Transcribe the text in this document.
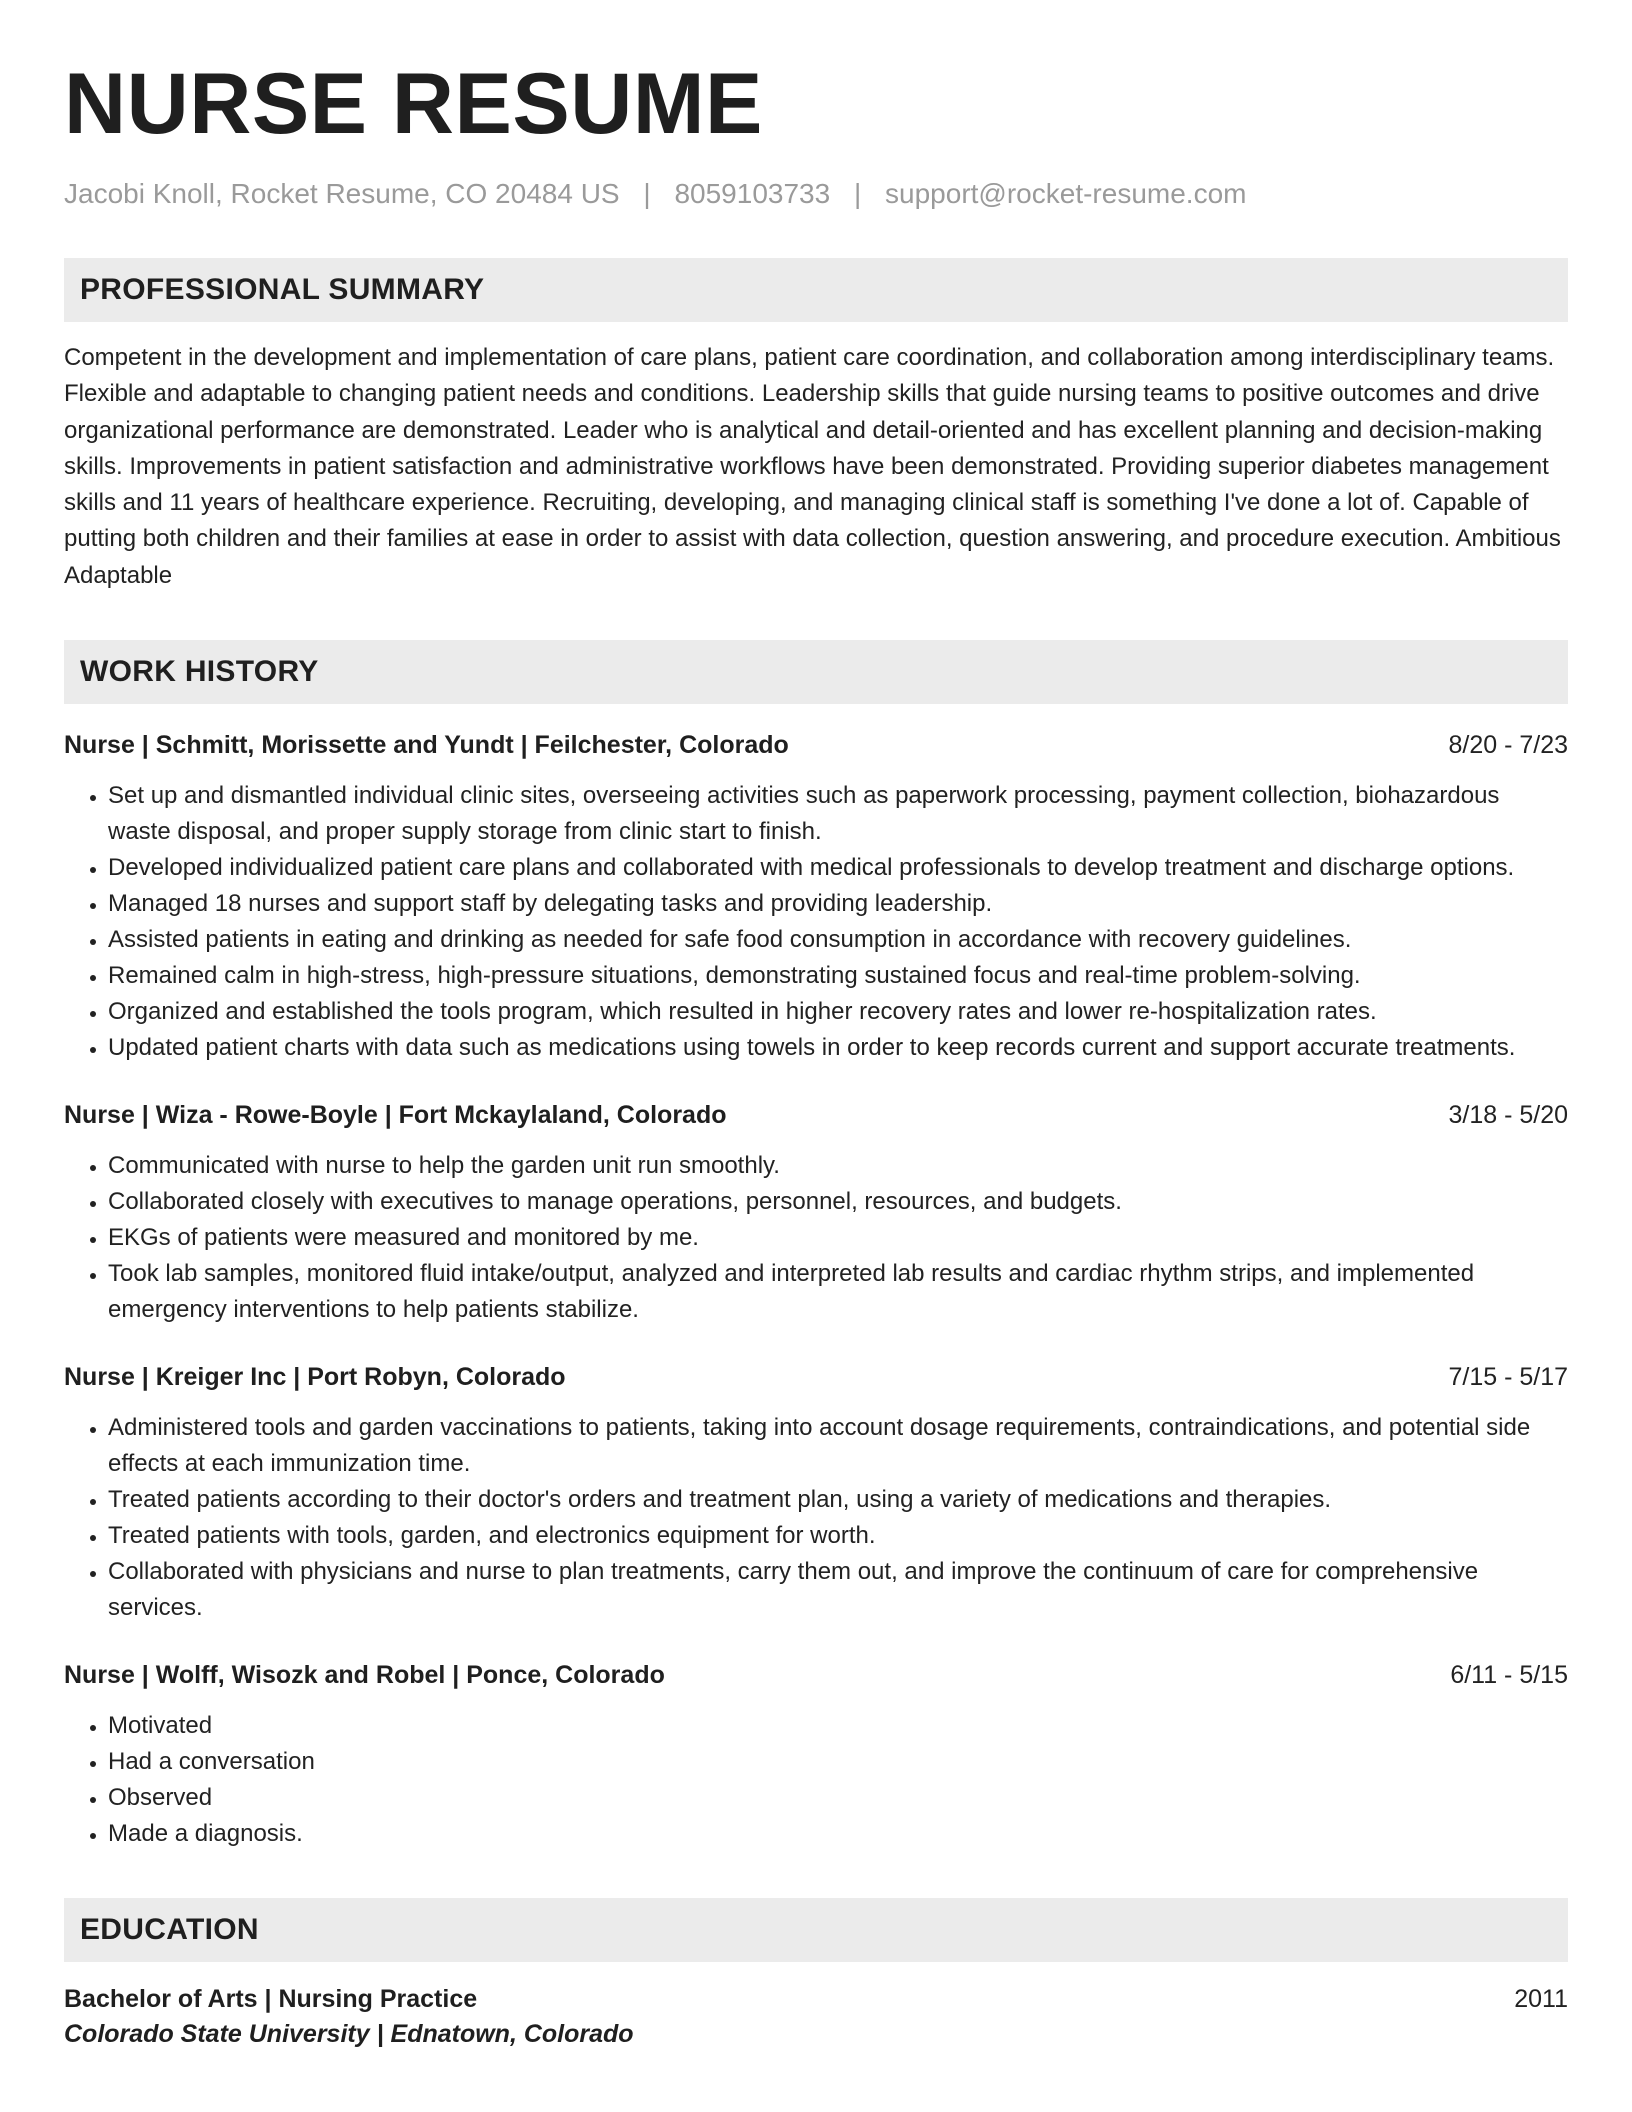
NURSE RESUME
Jacobi Knoll, Rocket Resume, CO 20484 US | 8059103733 | support@rocket-resume.com
PROFESSIONAL SUMMARY
Competent in the development and implementation of care plans, patient care coordination, and collaboration among interdisciplinary teams. Flexible and adaptable to changing patient needs and conditions. Leadership skills that guide nursing teams to positive outcomes and drive organizational performance are demonstrated. Leader who is analytical and detail-oriented and has excellent planning and decision-making skills. Improvements in patient satisfaction and administrative workflows have been demonstrated. Providing superior diabetes management skills and 11 years of healthcare experience. Recruiting, developing, and managing clinical staff is something I've done a lot of. Capable of putting both children and their families at ease in order to assist with data collection, question answering, and procedure execution. Ambitious Adaptable
WORK HISTORY
Nurse | Schmitt, Morissette and Yundt | Feilchester, Colorado	8/20 - 7/23
• Set up and dismantled individual clinic sites, overseeing activities such as paperwork processing, payment collection, biohazardous waste disposal, and proper supply storage from clinic start to finish.
• Developed individualized patient care plans and collaborated with medical professionals to develop treatment and discharge options.
• Managed 18 nurses and support staff by delegating tasks and providing leadership.
• Assisted patients in eating and drinking as needed for safe food consumption in accordance with recovery guidelines.
• Remained calm in high-stress, high-pressure situations, demonstrating sustained focus and real-time problem-solving.
• Organized and established the tools program, which resulted in higher recovery rates and lower re-hospitalization rates.
• Updated patient charts with data such as medications using towels in order to keep records current and support accurate treatments.
Nurse | Wiza - Rowe-Boyle | Fort Mckaylaland, Colorado	3/18 - 5/20
• Communicated with nurse to help the garden unit run smoothly.
• Collaborated closely with executives to manage operations, personnel, resources, and budgets.
• EKGs of patients were measured and monitored by me.
• Took lab samples, monitored fluid intake/output, analyzed and interpreted lab results and cardiac rhythm strips, and implemented emergency interventions to help patients stabilize.
Nurse | Kreiger Inc | Port Robyn, Colorado	7/15 - 5/17
• Administered tools and garden vaccinations to patients, taking into account dosage requirements, contraindications, and potential side effects at each immunization time.
• Treated patients according to their doctor's orders and treatment plan, using a variety of medications and therapies.
• Treated patients with tools, garden, and electronics equipment for worth.
• Collaborated with physicians and nurse to plan treatments, carry them out, and improve the continuum of care for comprehensive services.
Nurse | Wolff, Wisozk and Robel | Ponce, Colorado	6/11 - 5/15
• Motivated
• Had a conversation
• Observed
• Made a diagnosis.
EDUCATION
Bachelor of Arts | Nursing Practice	2011
Colorado State University | Ednatown, Colorado
